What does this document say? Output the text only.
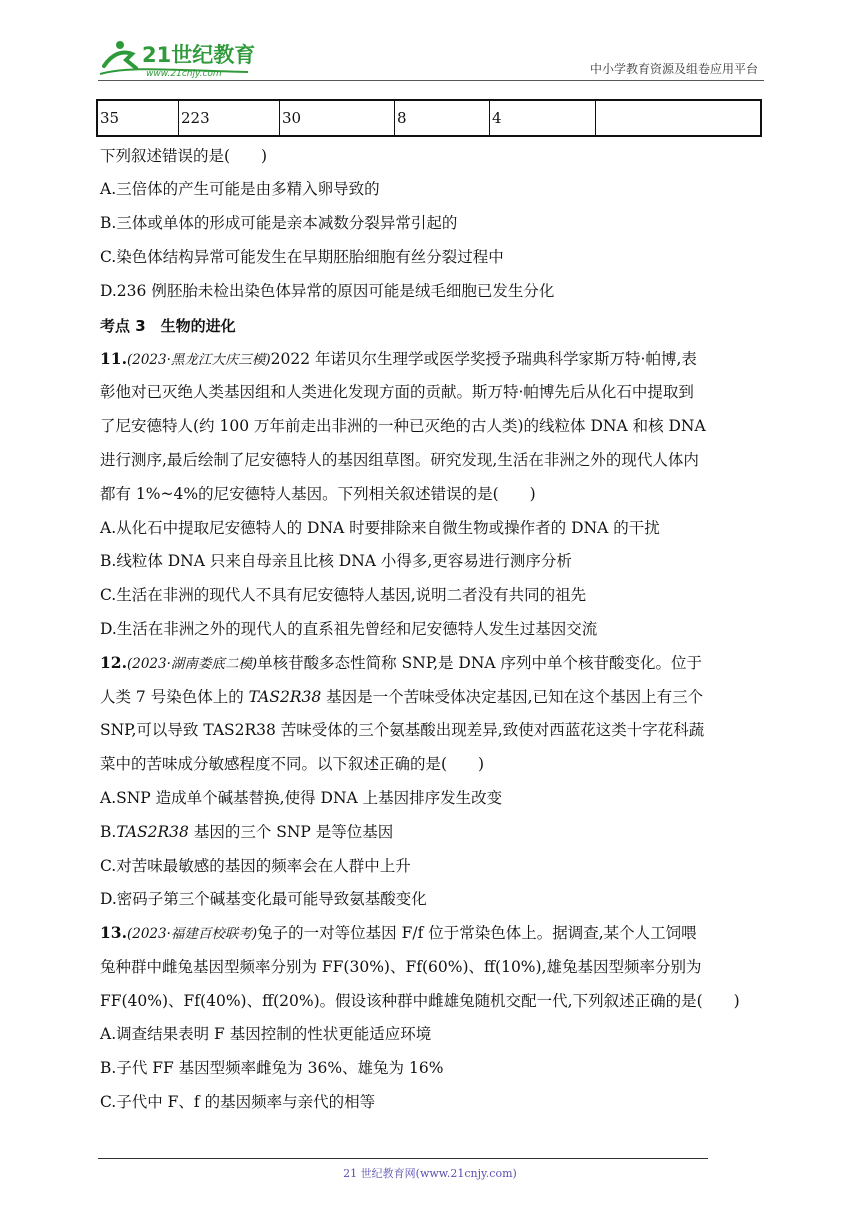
21世纪教育
www.21cnjy.com	中小学教育资源及组卷应用平台
35	223	30	8	4	
下列叙述错误的是(　　)
A.三倍体的产生可能是由多精入卵导致的
B.三体或单体的形成可能是亲本减数分裂异常引起的
C.染色体结构异常可能发生在早期胚胎细胞有丝分裂过程中
D.236 例胚胎未检出染色体异常的原因可能是绒毛细胞已发生分化
考点 3　生物的进化
11.(2023·黑龙江大庆三模)2022 年诺贝尔生理学或医学奖授予瑞典科学家斯万特·帕博,表
彰他对已灭绝人类基因组和人类进化发现方面的贡献。斯万特·帕博先后从化石中提取到
了尼安德特人(约 100 万年前走出非洲的一种已灭绝的古人类)的线粒体 DNA 和核 DNA
进行测序,最后绘制了尼安德特人的基因组草图。研究发现,生活在非洲之外的现代人体内
都有 1%~4%的尼安德特人基因。下列相关叙述错误的是(　　)
A.从化石中提取尼安德特人的 DNA 时要排除来自微生物或操作者的 DNA 的干扰
B.线粒体 DNA 只来自母亲且比核 DNA 小得多,更容易进行测序分析
C.生活在非洲的现代人不具有尼安德特人基因,说明二者没有共同的祖先
D.生活在非洲之外的现代人的直系祖先曾经和尼安德特人发生过基因交流
12.(2023·湖南娄底二模)单核苷酸多态性简称 SNP,是 DNA 序列中单个核苷酸变化。位于
人类 7 号染色体上的 TAS2R38 基因是一个苦味受体决定基因,已知在这个基因上有三个
SNP,可以导致 TAS2R38 苦味受体的三个氨基酸出现差异,致使对西蓝花这类十字花科蔬
菜中的苦味成分敏感程度不同。以下叙述正确的是(　　)
A.SNP 造成单个碱基替换,使得 DNA 上基因排序发生改变
B.TAS2R38 基因的三个 SNP 是等位基因
C.对苦味最敏感的基因的频率会在人群中上升
D.密码子第三个碱基变化最可能导致氨基酸变化
13.(2023·福建百校联考)兔子的一对等位基因 F/f 位于常染色体上。据调查,某个人工饲喂
兔种群中雌兔基因型频率分别为 FF(30%)、Ff(60%)、ff(10%),雄兔基因型频率分别为
FF(40%)、Ff(40%)、ff(20%)。假设该种群中雌雄兔随机交配一代,下列叙述正确的是(　　)
A.调查结果表明 F 基因控制的性状更能适应环境
B.子代 FF 基因型频率雌兔为 36%、雄兔为 16%
C.子代中 F、f 的基因频率与亲代的相等
21 世纪教育网(www.21cnjy.com)
